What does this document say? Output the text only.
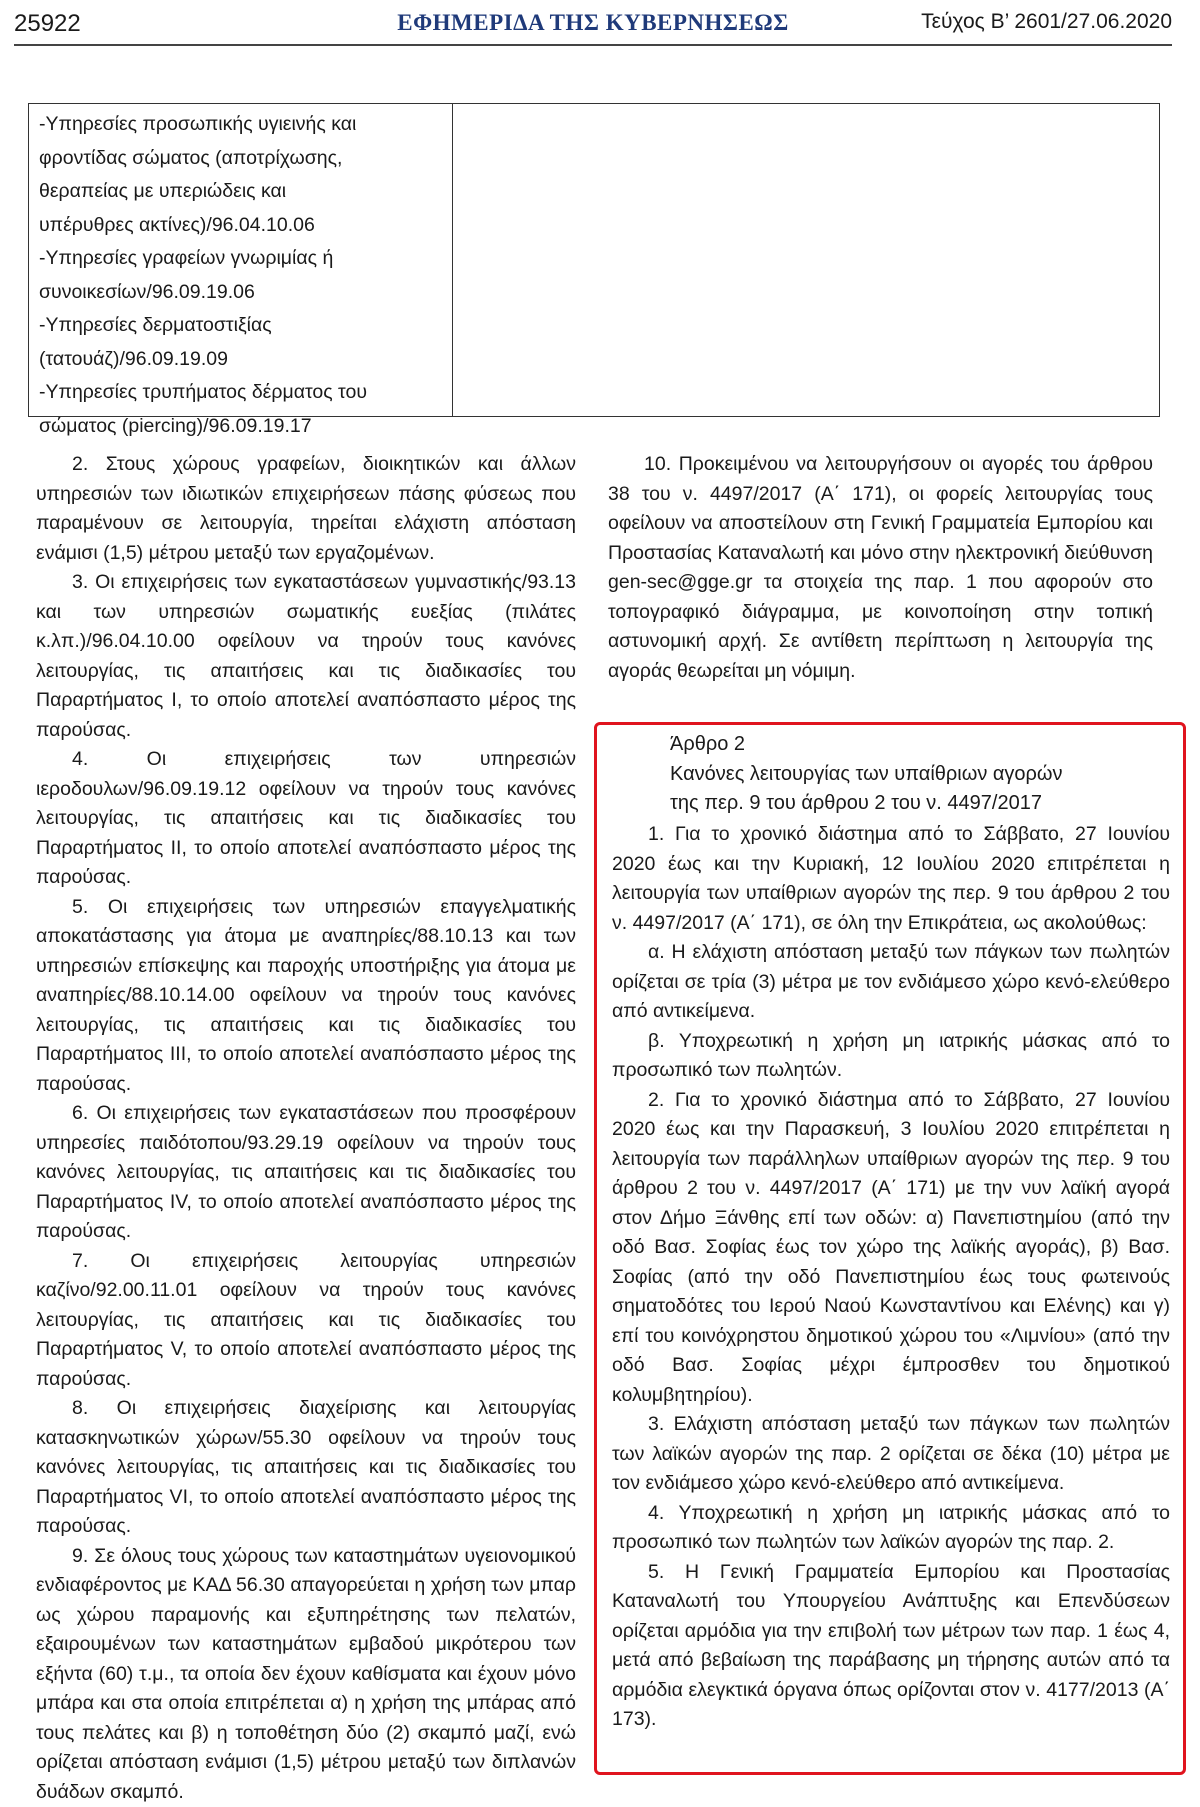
25922	ΕΦΗΜΕΡΙΔΑ ΤΗΣ ΚΥΒΕΡΝΗΣΕΩΣ	Τεύχος Β’ 2601/27.06.2020
-Υπηρεσίες προσωπικής υγιεινής και
φροντίδας σώματος (αποτρίχωσης,
θεραπείας με υπεριώδεις και
υπέρυθρες ακτίνες)/96.04.10.06
-Υπηρεσίες γραφείων γνωριμίας ή
συνοικεσίων/96.09.19.06
-Υπηρεσίες δερματοστιξίας
(τατουάζ)/96.09.19.09
-Υπηρεσίες τρυπήματος δέρματος του
σώματος (piercing)/96.09.19.17

2. Στους χώρους γραφείων, διοικητικών και άλλων υπηρεσιών των ιδιωτικών επιχειρήσεων πάσης φύσεως που παραμένουν σε λειτουργία, τηρείται ελάχιστη απόσταση ενάμισι (1,5) μέτρου μεταξύ των εργαζομένων.

3. Οι επιχειρήσεις των εγκαταστάσεων γυμναστικής/93.13 και των υπηρεσιών σωματικής ευεξίας (πιλάτες κ.λπ.)/96.04.10.00 οφείλουν να τηρούν τους κανόνες λειτουργίας, τις απαιτήσεις και τις διαδικασίες του Παραρτήματος Ι, το οποίο αποτελεί αναπόσπαστο μέρος της παρούσας.

4. Οι επιχειρήσεις των υπηρεσιών ιεροδουλων/96.09.19.12 οφείλουν να τηρούν τους κανόνες λειτουργίας, τις απαιτήσεις και τις διαδικασίες του Παραρτήματος ΙΙ, το οποίο αποτελεί αναπόσπαστο μέρος της παρούσας.

5. Οι επιχειρήσεις των υπηρεσιών επαγγελματικής αποκατάστασης για άτομα με αναπηρίες/88.10.13 και των υπηρεσιών επίσκεψης και παροχής υποστήριξης για άτομα με αναπηρίες/88.10.14.00 οφείλουν να τηρούν τους κανόνες λειτουργίας, τις απαιτήσεις και τις διαδικασίες του Παραρτήματος ΙΙΙ, το οποίο αποτελεί αναπόσπαστο μέρος της παρούσας.

6. Οι επιχειρήσεις των εγκαταστάσεων που προσφέρουν υπηρεσίες παιδότοπου/93.29.19 οφείλουν να τηρούν τους κανόνες λειτουργίας, τις απαιτήσεις και τις διαδικασίες του Παραρτήματος IV, το οποίο αποτελεί αναπόσπαστο μέρος της παρούσας.

7. Οι επιχειρήσεις λειτουργίας υπηρεσιών καζίνο/92.00.11.01 οφείλουν να τηρούν τους κανόνες λειτουργίας, τις απαιτήσεις και τις διαδικασίες του Παραρτήματος V, το οποίο αποτελεί αναπόσπαστο μέρος της παρούσας.

8. Οι επιχειρήσεις διαχείρισης και λειτουργίας κατασκηνωτικών χώρων/55.30 οφείλουν να τηρούν τους κανόνες λειτουργίας, τις απαιτήσεις και τις διαδικασίες του Παραρτήματος VI, το οποίο αποτελεί αναπόσπαστο μέρος της παρούσας.

9. Σε όλους τους χώρους των καταστημάτων υγειονομικού ενδιαφέροντος με ΚΑΔ 56.30 απαγορεύεται η χρήση των μπαρ ως χώρου παραμονής και εξυπηρέτησης των πελατών, εξαιρουμένων των καταστημάτων εμβαδού μικρότερου των εξήντα (60) τ.μ., τα οποία δεν έχουν καθίσματα και έχουν μόνο μπάρα και στα οποία επιτρέπεται α) η χρήση της μπάρας από τους πελάτες και β) η τοποθέτηση δύο (2) σκαμπό μαζί, ενώ ορίζεται απόσταση ενάμισι (1,5) μέτρου μεταξύ των διπλανών δυάδων σκαμπό.

10. Προκειμένου να λειτουργήσουν οι αγορές του άρθρου 38 του ν. 4497/2017 (Α΄ 171), οι φορείς λειτουργίας τους οφείλουν να αποστείλουν στη Γενική Γραμματεία Εμπορίου και Προστασίας Καταναλωτή και μόνο στην ηλεκτρονική διεύθυνση gen-sec@gge.gr τα στοιχεία της παρ. 1 που αφορούν στο τοπογραφικό διάγραμμα, με κοινοποίηση στην τοπική αστυνομική αρχή. Σε αντίθετη περίπτωση η λειτουργία της αγοράς θεωρείται μη νόμιμη.

Άρθρο 2
Κανόνες λειτουργίας των υπαίθριων αγορών
της περ. 9 του άρθρου 2 του ν. 4497/2017

1. Για το χρονικό διάστημα από το Σάββατο, 27 Ιουνίου 2020 έως και την Κυριακή, 12 Ιουλίου 2020 επιτρέπεται η λειτουργία των υπαίθριων αγορών της περ. 9 του άρθρου 2 του ν. 4497/2017 (Α΄ 171), σε όλη την Επικράτεια, ως ακολούθως:

α. Η ελάχιστη απόσταση μεταξύ των πάγκων των πωλητών ορίζεται σε τρία (3) μέτρα με τον ενδιάμεσο χώρο κενό-ελεύθερο από αντικείμενα.

β. Υποχρεωτική η χρήση μη ιατρικής μάσκας από το προσωπικό των πωλητών.

2. Για το χρονικό διάστημα από το Σάββατο, 27 Ιουνίου 2020 έως και την Παρασκευή, 3 Ιουλίου 2020 επιτρέπεται η λειτουργία των παράλληλων υπαίθριων αγορών της περ. 9 του άρθρου 2 του ν. 4497/2017 (Α΄ 171) με την νυν λαϊκή αγορά στον Δήμο Ξάνθης επί των οδών: α) Πανεπιστημίου (από την οδό Βασ. Σοφίας έως τον χώρο της λαϊκής αγοράς), β) Βασ. Σοφίας (από την οδό Πανεπιστημίου έως τους φωτεινούς σηματοδότες του Ιερού Ναού Κωνσταντίνου και Ελένης) και γ) επί του κοινόχρηστου δημοτικού χώρου του «Λιμνίου» (από την οδό Βασ. Σοφίας μέχρι έμπροσθεν του δημοτικού κολυμβητηρίου).

3. Ελάχιστη απόσταση μεταξύ των πάγκων των πωλητών των λαϊκών αγορών της παρ. 2 ορίζεται σε δέκα (10) μέτρα με τον ενδιάμεσο χώρο κενό-ελεύθερο από αντικείμενα.

4. Υποχρεωτική η χρήση μη ιατρικής μάσκας από το προσωπικό των πωλητών των λαϊκών αγορών της παρ. 2.

5. Η Γενική Γραμματεία Εμπορίου και Προστασίας Καταναλωτή του Υπουργείου Ανάπτυξης και Επενδύσεων ορίζεται αρμόδια για την επιβολή των μέτρων των παρ. 1 έως 4, μετά από βεβαίωση της παράβασης μη τήρησης αυτών από τα αρμόδια ελεγκτικά όργανα όπως ορίζονται στον ν. 4177/2013 (Α΄ 173).
